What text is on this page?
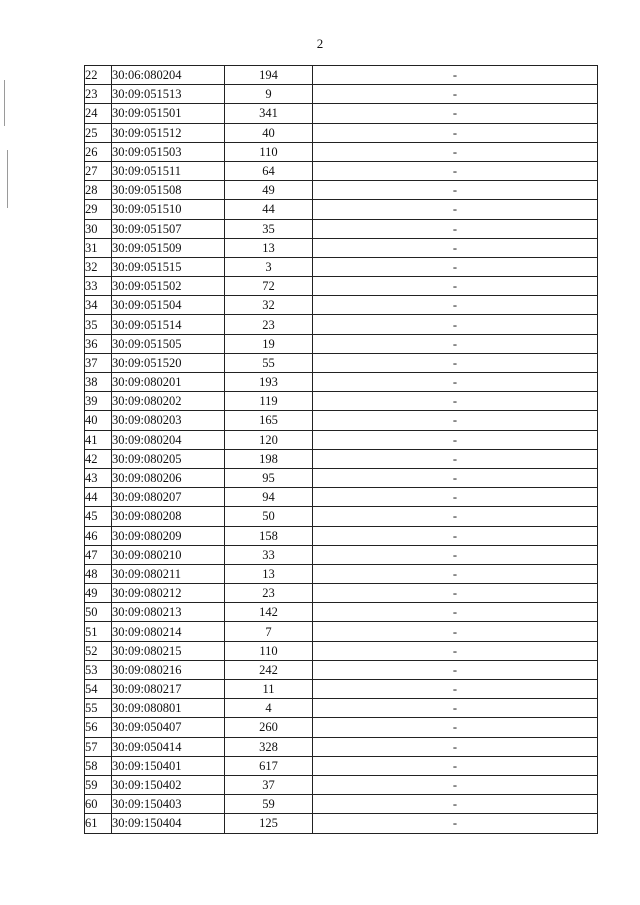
2
22	30:06:080204	194	-
23	30:09:051513	9	-
24	30:09:051501	341	-
25	30:09:051512	40	-
26	30:09:051503	110	-
27	30:09:051511	64	-
28	30:09:051508	49	-
29	30:09:051510	44	-
30	30:09:051507	35	-
31	30:09:051509	13	-
32	30:09:051515	3	-
33	30:09:051502	72	-
34	30:09:051504	32	-
35	30:09:051514	23	-
36	30:09:051505	19	-
37	30:09:051520	55	-
38	30:09:080201	193	-
39	30:09:080202	119	-
40	30:09:080203	165	-
41	30:09:080204	120	-
42	30:09:080205	198	-
43	30:09:080206	95	-
44	30:09:080207	94	-
45	30:09:080208	50	-
46	30:09:080209	158	-
47	30:09:080210	33	-
48	30:09:080211	13	-
49	30:09:080212	23	-
50	30:09:080213	142	-
51	30:09:080214	7	-
52	30:09:080215	110	-
53	30:09:080216	242	-
54	30:09:080217	11	-
55	30:09:080801	4	-
56	30:09:050407	260	-
57	30:09:050414	328	-
58	30:09:150401	617	-
59	30:09:150402	37	-
60	30:09:150403	59	-
61	30:09:150404	125	-
